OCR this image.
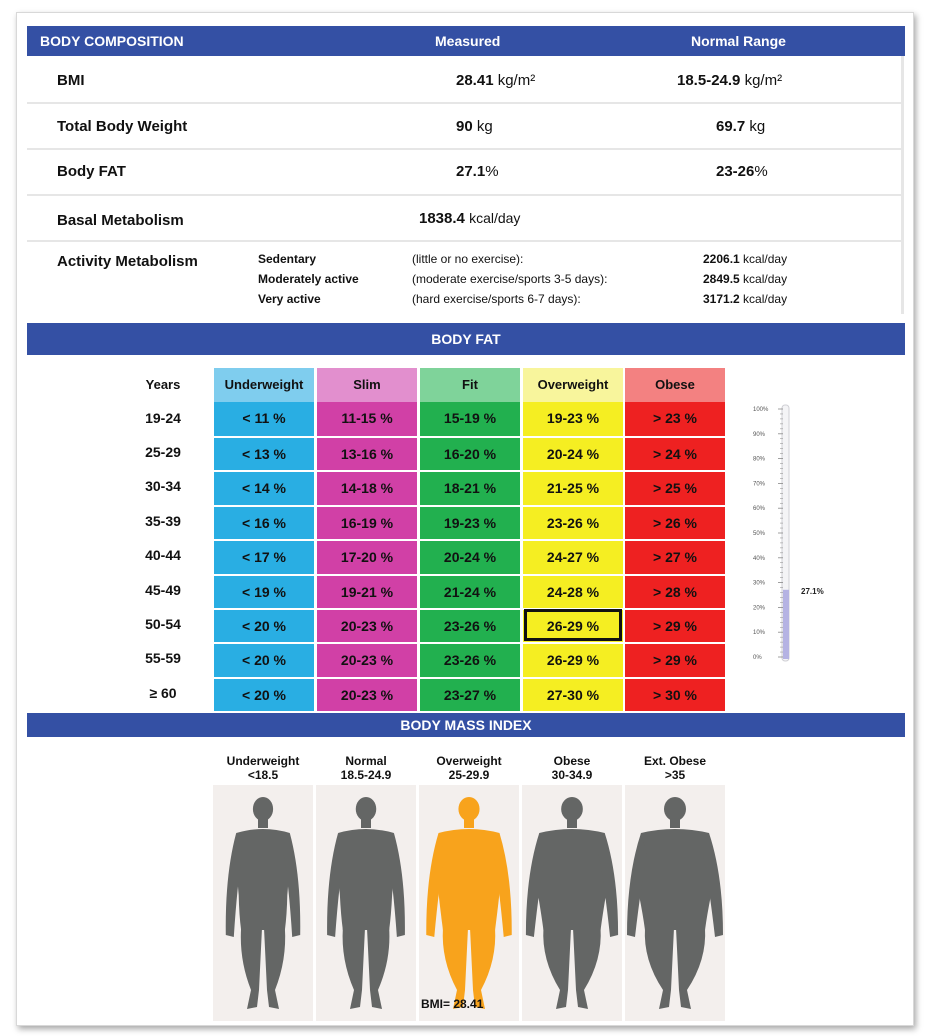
BODY COMPOSITION	Measured	Normal Range
BMI	28.41 kg/m²	18.5-24.9 kg/m²
Total Body Weight	90 kg	69.7 kg
Body FAT	27.1%	23-26%
Basal Metabolism	1838.4 kcal/day
Activity Metabolism	Sedentary	(little or no exercise):	2206.1 kcal/day
Moderately active	(moderate exercise/sports 3-5 days):	2849.5 kcal/day
Very active	(hard exercise/sports 6-7 days):	3171.2 kcal/day
BODY FAT
Years	Underweight	Slim	Fit	Overweight	Obese
19-24	< 11 %	11-15 %	15-19 %	19-23 %	> 23 %
25-29	< 13 %	13-16 %	16-20 %	20-24 %	> 24 %
30-34	< 14 %	14-18 %	18-21 %	21-25 %	> 25 %
35-39	< 16 %	16-19 %	19-23 %	23-26 %	> 26 %
40-44	< 17 %	17-20 %	20-24 %	24-27 %	> 27 %
45-49	< 19 %	19-21 %	21-24 %	24-28 %	> 28 %
50-54	< 20 %	20-23 %	23-26 %	26-29 %	> 29 %
55-59	< 20 %	20-23 %	23-26 %	26-29 %	> 29 %
≥ 60	< 20 %	20-23 %	23-27 %	27-30 %	> 30 %
100%
90%
80%
70%
60%
50%
40%
30%
20%
10%
0%
27.1%
BODY MASS INDEX
Underweight
<18.5
Normal
18.5-24.9
Overweight
25-29.9
Obese
30-34.9
Ext. Obese
>35
BMI= 28.41
